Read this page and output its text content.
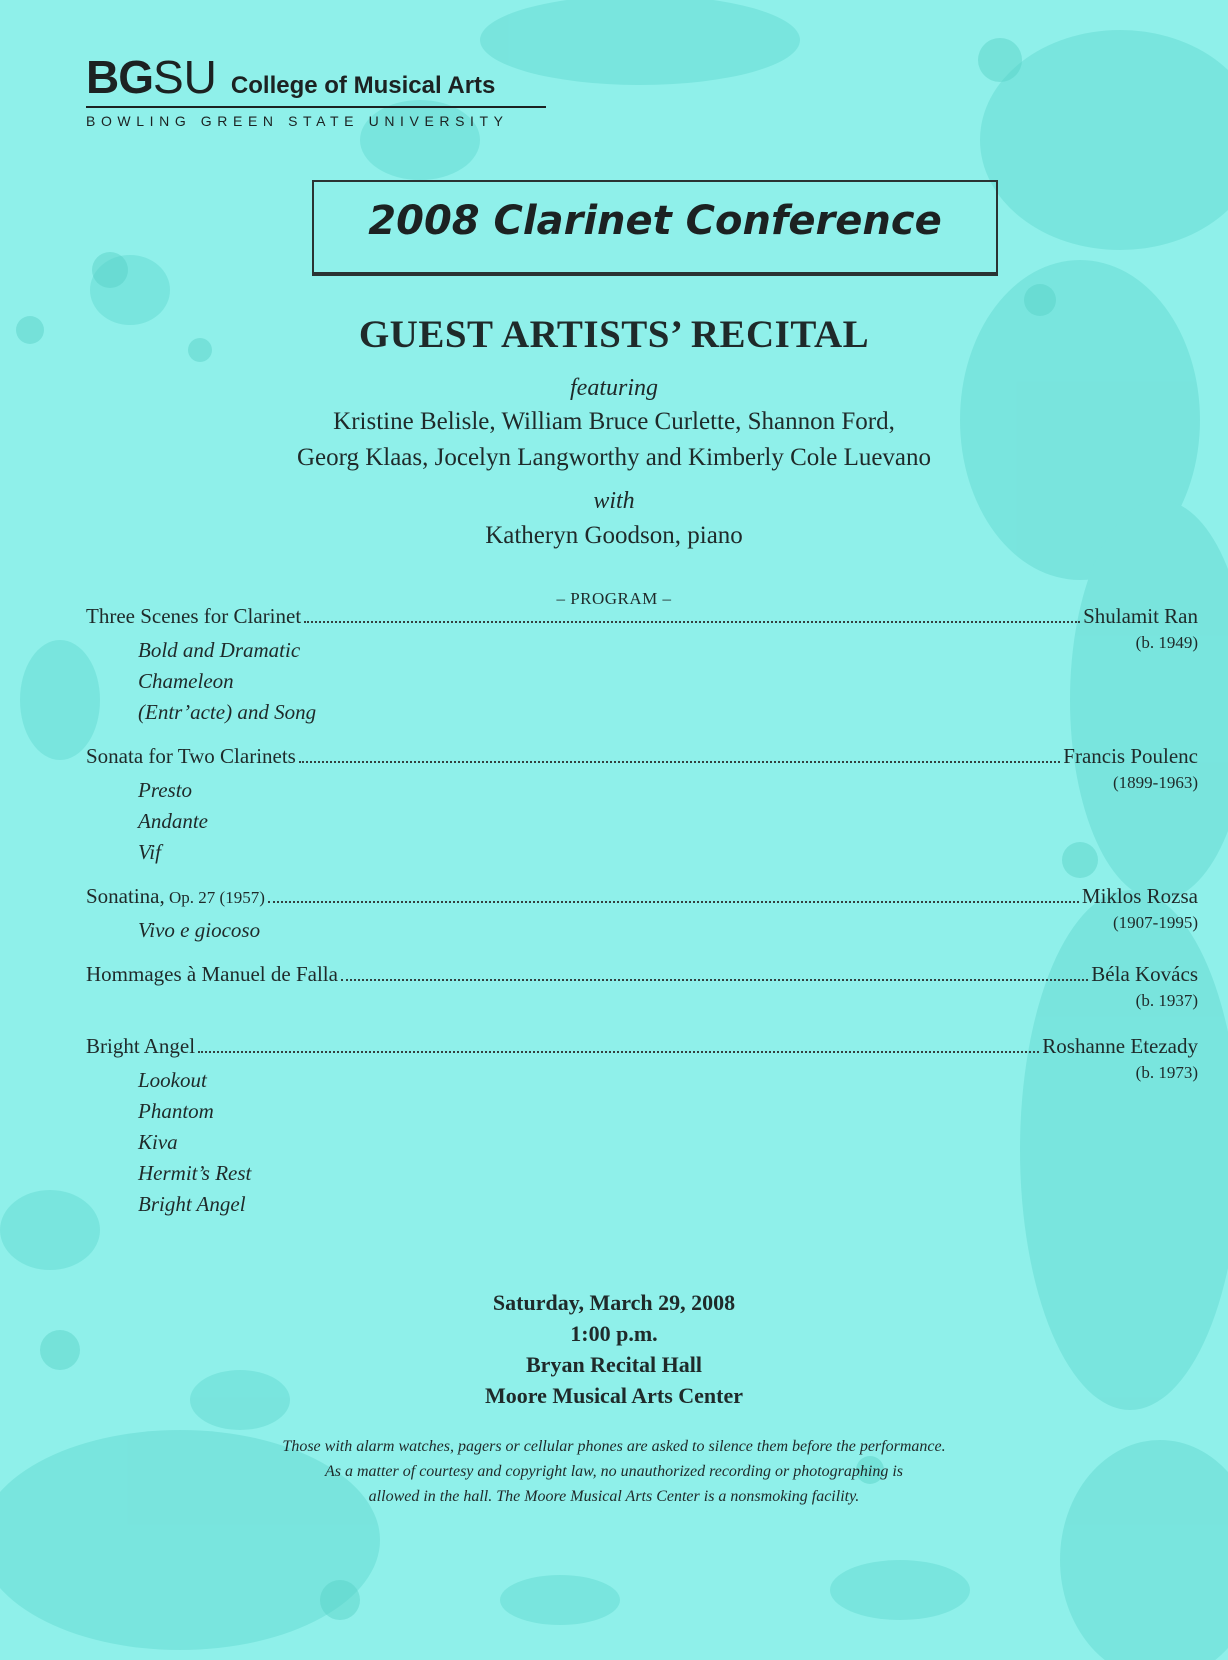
BG SU College of Musical Arts
BOWLING GREEN STATE UNIVERSITY
2008 Clarinet Conference
GUEST ARTISTS’ RECITAL
featuring
Kristine Belisle, William Bruce Curlette, Shannon Ford,
Georg Klaas, Jocelyn Langworthy and Kimberly Cole Luevano
with
Katheryn Goodson, piano
– PROGRAM –
Three Scenes for Clarinet	Shulamit Ran
(b. 1949)
Bold and Dramatic
Chameleon
(Entr’acte) and Song
Sonata for Two Clarinets	Francis Poulenc
(1899-1963)
Presto
Andante
Vif
Sonatina, Op. 27 (1957)	Miklos Rozsa
(1907-1995)
Vivo e giocoso
Hommages à Manuel de Falla	Béla Kovács
(b. 1937)
Bright Angel	Roshanne Etezady
(b. 1973)
Lookout
Phantom
Kiva
Hermit’s Rest
Bright Angel
Saturday, March 29, 2008
1:00 p.m.
Bryan Recital Hall
Moore Musical Arts Center
Those with alarm watches, pagers or cellular phones are asked to silence them before the performance.
As a matter of courtesy and copyright law, no unauthorized recording or photographing is
allowed in the hall. The Moore Musical Arts Center is a nonsmoking facility.
